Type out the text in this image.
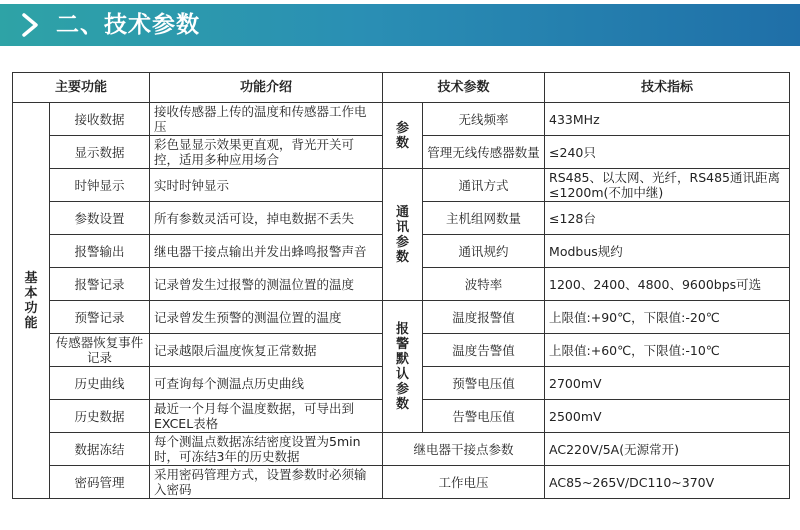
二、技术参数
主要功能		功能介绍	技术参数		技术指标
基本功能	接收数据	接收传感器上传的温度和传感器工作电压	参数	无线频率	433MHz
	显示数据	彩色显显示效果更直观，背光开关可控，适用多种应用场合		管理无线传感器数量	≤240只
	时钟显示	实时时钟显示	通讯参数	通讯方式	RS485、以太网、光纤，RS485通讯距离≤1200m(不加中继)
	参数设置	所有参数灵活可设，掉电数据不丢失		主机组网数量	≤128台
	报警输出	继电器干接点输出并发出蜂鸣报警声音		通讯规约	Modbus规约
	报警记录	记录曾发生过报警的测温位置的温度		波特率	1200、2400、4800、9600bps可选
	预警记录	记录曾发生预警的测温位置的温度	报警默认参数	温度报警值	上限值:+90℃，下限值:-20℃
	传感器恢复事件记录	记录越限后温度恢复正常数据		温度告警值	上限值:+60℃，下限值:-10℃
	历史曲线	可查询每个测温点历史曲线		预警电压值	2700mV
	历史数据	最近一个月每个温度数据，可导出到EXCEL表格		告警电压值	2500mV
	数据冻结	每个测温点数据冻结密度设置为5min时，可冻结3年的历史数据	继电器干接点参数		AC220V/5A(无源常开)
	密码管理	采用密码管理方式，设置参数时必须输入密码	工作电压		AC85~265V/DC110~370V
